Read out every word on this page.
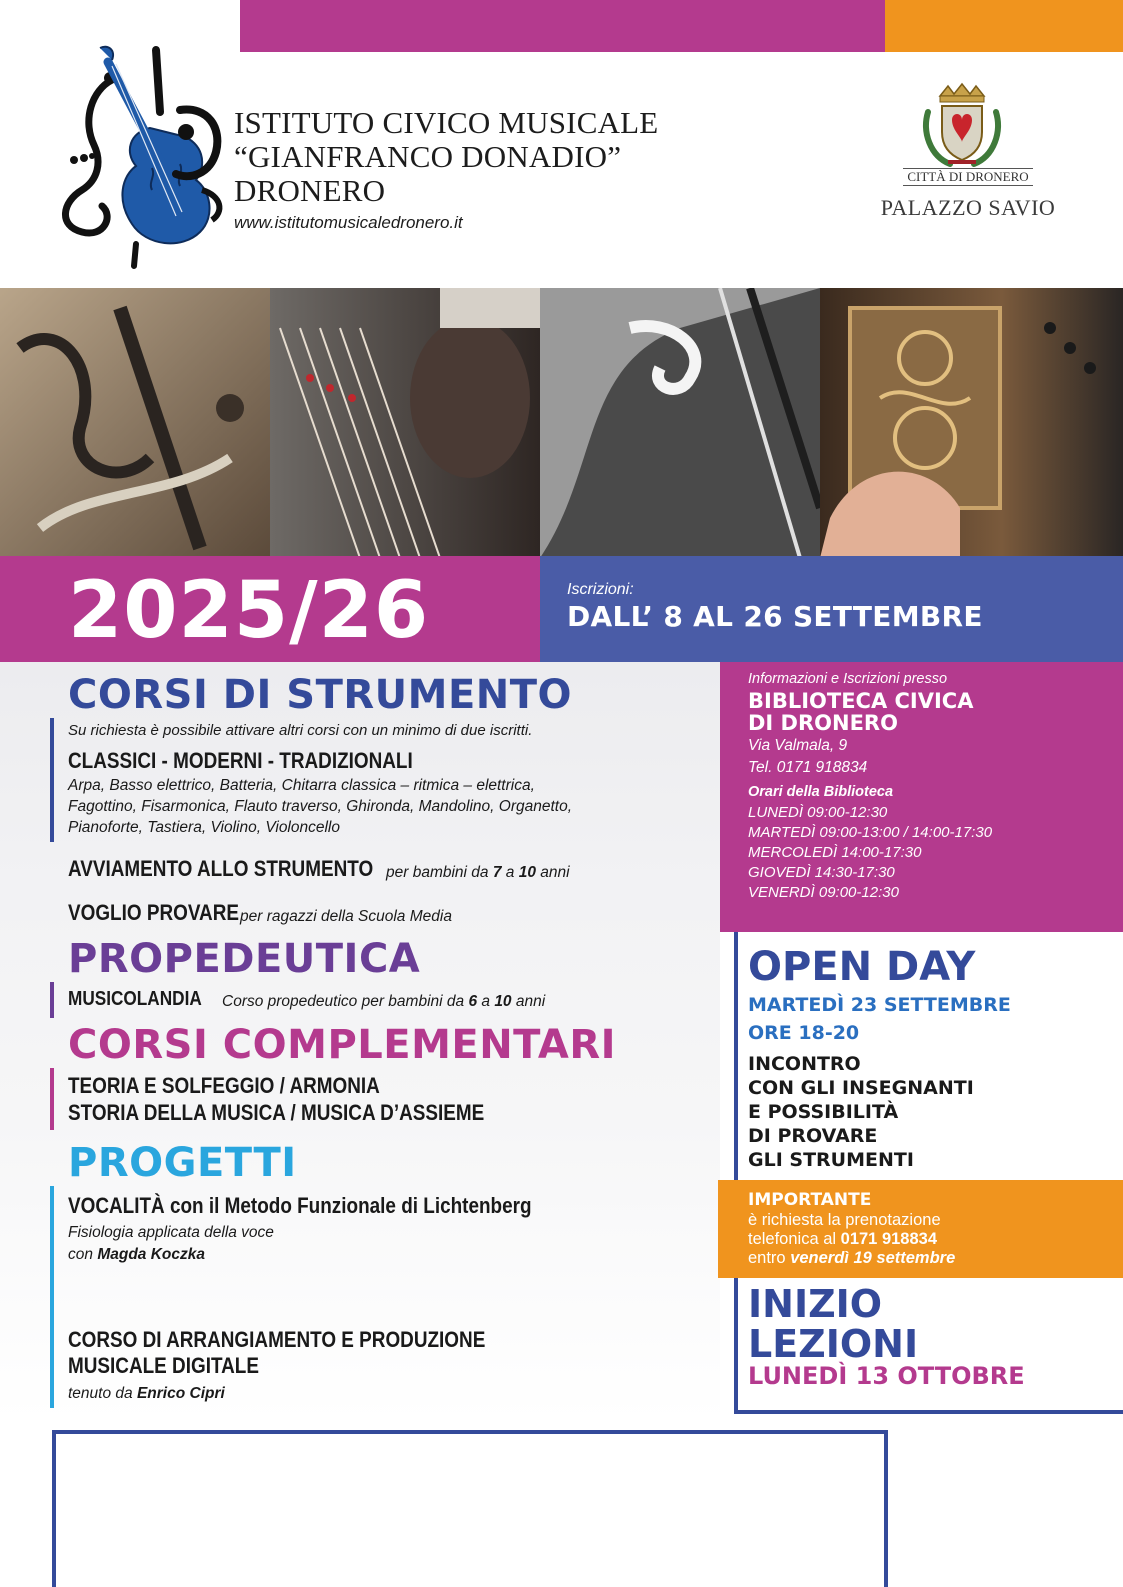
ISTITUTO CIVICO MUSICALE
“GIANFRANCO DONADIO”
DRONERO
www.istitutomusicaledronero.it
CITTÀ DI DRONERO
PALAZZO SAVIO
2025/26	Iscrizioni:
DALL’ 8 AL 26 SETTEMBRE
CORSI DI STRUMENTO
Su richiesta è possibile attivare altri corsi con un minimo di due iscritti.
CLASSICI - MODERNI - TRADIZIONALI
Arpa, Basso elettrico, Batteria, Chitarra classica – ritmica – elettrica,
Fagottino, Fisarmonica, Flauto traverso, Ghironda, Mandolino, Organetto,
Pianoforte, Tastiera, Violino, Violoncello
AVVIAMENTO ALLO STRUMENTO per bambini da 7 a 10 anni
VOGLIO PROVARE per ragazzi della Scuola Media
PROPEDEUTICA
MUSICOLANDIA	Corso propedeutico per bambini da 6 a 10 anni
CORSI COMPLEMENTARI
TEORIA E SOLFEGGIO / ARMONIA
STORIA DELLA MUSICA / MUSICA D’ASSIEME
PROGETTI
VOCALITÀ con il Metodo Funzionale di Lichtenberg
Fisiologia applicata della voce
con Magda Koczka
CORSO DI ARRANGIAMENTO E PRODUZIONE
MUSICALE DIGITALE
tenuto da Enrico Cipri
Informazioni e Iscrizioni presso
BIBLIOTECA CIVICA
DI DRONERO
Via Valmala, 9
Tel. 0171 918834
Orari della Biblioteca
LUNEDÌ 09:00-12:30
MARTEDÌ 09:00-13:00 / 14:00-17:30
MERCOLEDÌ 14:00-17:30
GIOVEDÌ 14:30-17:30
VENERDÌ 09:00-12:30
OPEN DAY
MARTEDÌ 23 SETTEMBRE
ORE 18-20
INCONTRO
CON GLI INSEGNANTI
E POSSIBILITÀ
DI PROVARE
GLI STRUMENTI
IMPORTANTE
è richiesta la prenotazione
telefonica al 0171 918834
entro venerdì 19 settembre
INIZIO
LEZIONI
LUNEDÌ 13 OTTOBRE
